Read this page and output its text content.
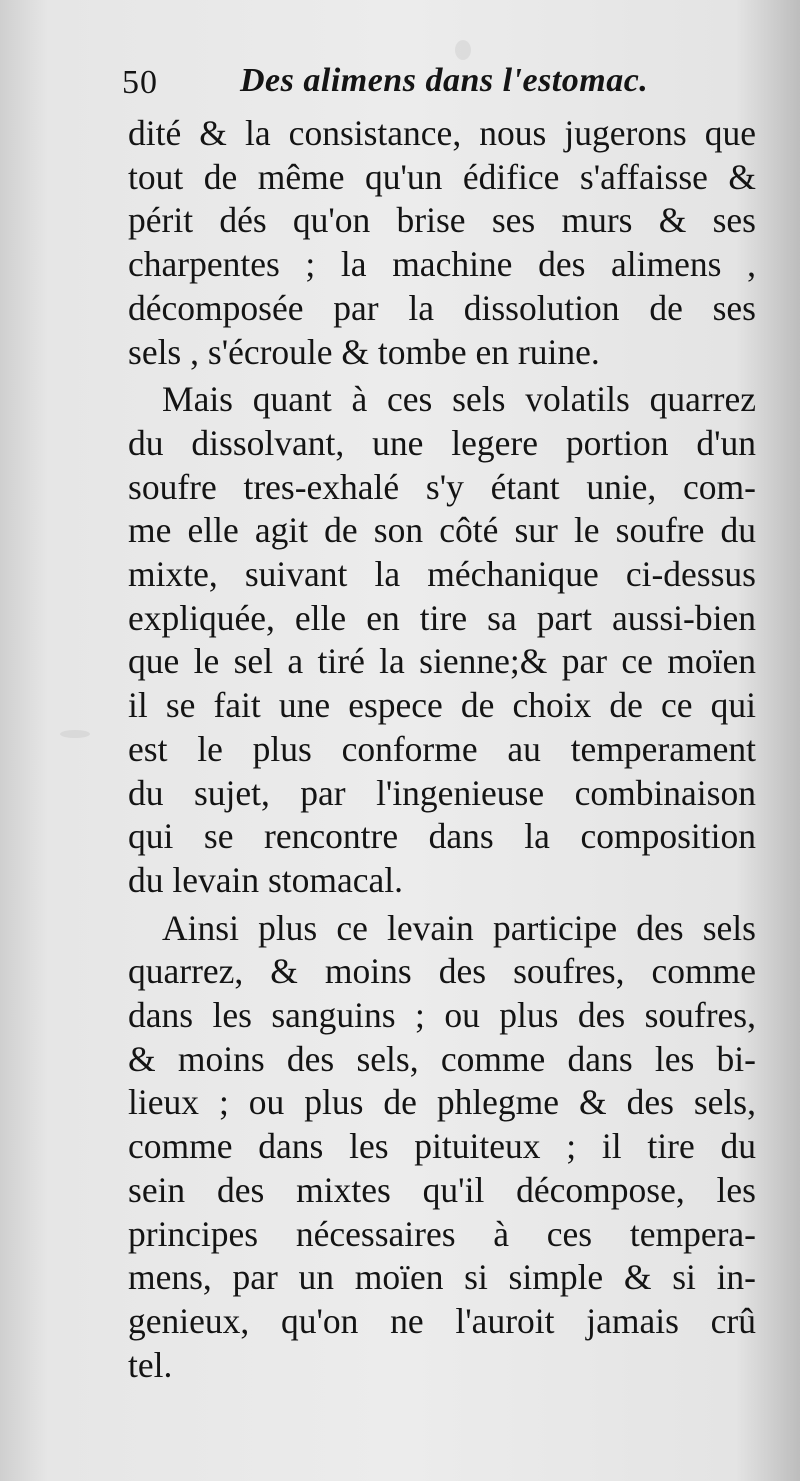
50 Des alimens dans l'estomac.

dité & la consistance, nous jugerons que
tout de même qu'un édifice s'affaisse &
périt dés qu'on brise ses murs & ses
charpentes ; la machine des alimens ,
décomposée par la dissolution de ses
sels , s'écroule & tombe en ruine.

Mais quant à ces sels volatils quarrez
du dissolvant, une legere portion d'un
soufre tres-exhalé s'y étant unie, com-
me elle agit de son côté sur le soufre du
mixte, suivant la méchanique ci-dessus
expliquée, elle en tire sa part aussi-bien
que le sel a tiré la sienne;& par ce moïen
il se fait une espece de choix de ce qui
est le plus conforme au temperament
du sujet, par l'ingenieuse combinaison
qui se rencontre dans la composition
du levain stomacal.

Ainsi plus ce levain participe des sels
quarrez, & moins des soufres, comme
dans les sanguins ; ou plus des soufres,
& moins des sels, comme dans les bi-
lieux ; ou plus de phlegme & des sels,
comme dans les pituiteux ; il tire du
sein des mixtes qu'il décompose, les
principes nécessaires à ces tempera-
mens, par un moïen si simple & si in-
genieux, qu'on ne l'auroit jamais crû
tel.
